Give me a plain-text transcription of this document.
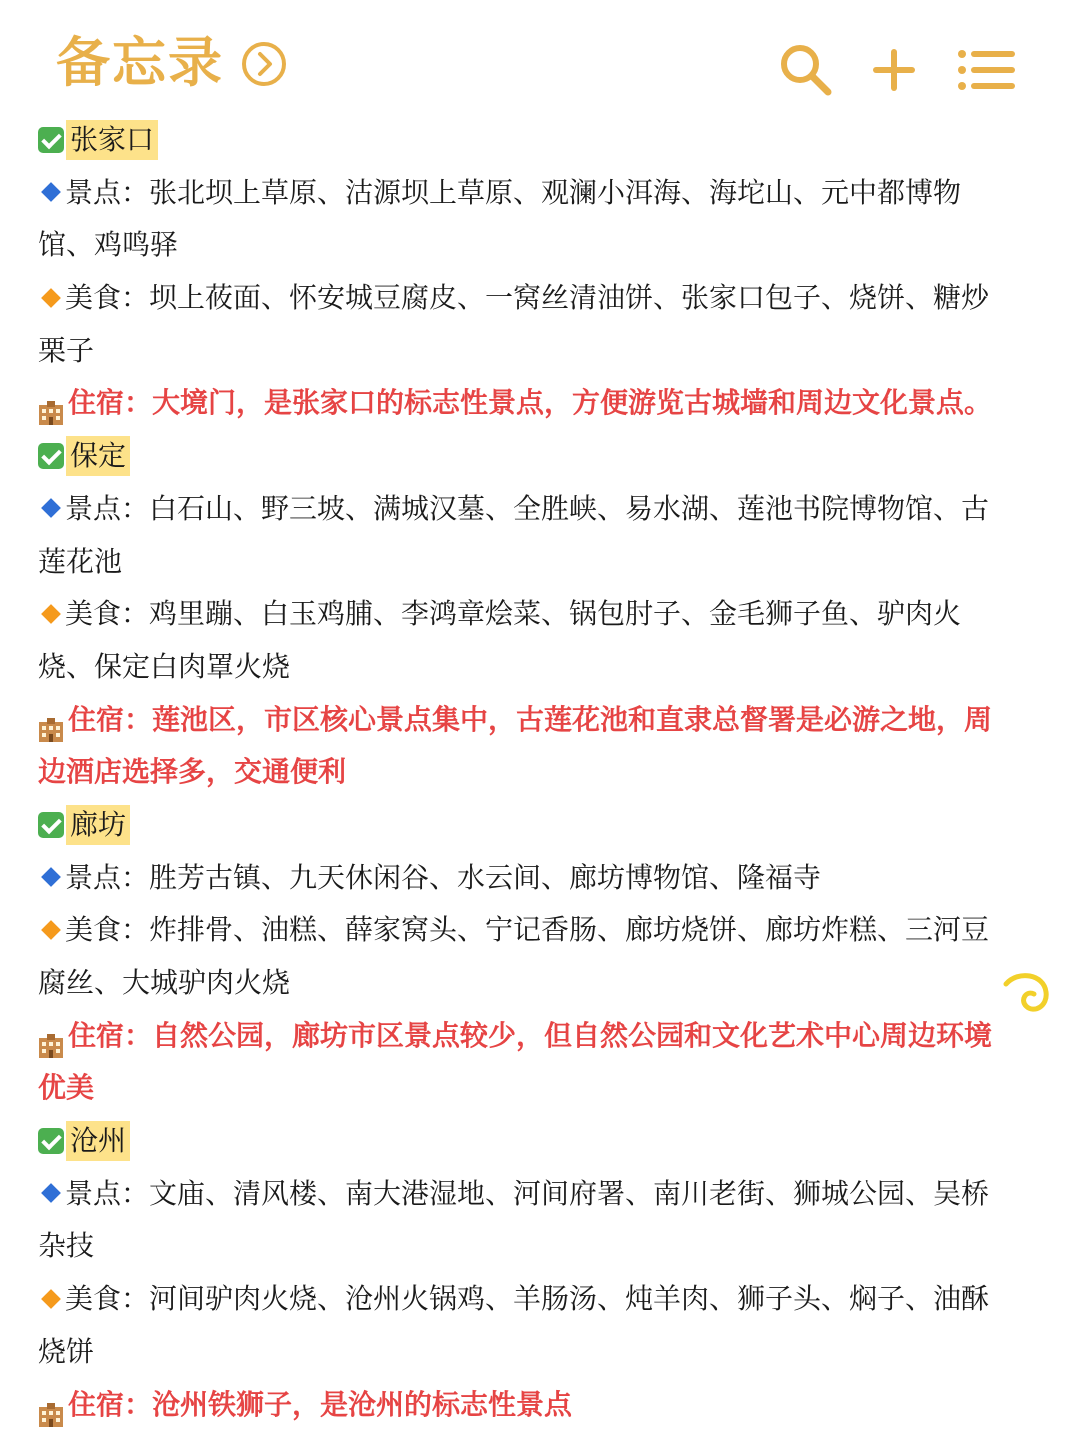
备忘录
张家口
景点：张北坝上草原、沽源坝上草原、观澜小洱海、海坨山、元中都博物
馆、鸡鸣驿
美食：坝上莜面、怀安城豆腐皮、一窝丝清油饼、张家口包子、烧饼、糖炒
栗子
住宿：大境门，是张家口的标志性景点，方便游览古城墙和周边文化景点。
保定
景点：白石山、野三坡、满城汉墓、全胜峡、易水湖、莲池书院博物馆、古
莲花池
美食：鸡里蹦、白玉鸡脯、李鸿章烩菜、锅包肘子、金毛狮子鱼、驴肉火
烧、保定白肉罩火烧
住宿：莲池区，市区核心景点集中，古莲花池和直隶总督署是必游之地，周
边酒店选择多，交通便利
廊坊
景点：胜芳古镇、九天休闲谷、水云间、廊坊博物馆、隆福寺
美食：炸排骨、油糕、薛家窝头、宁记香肠、廊坊烧饼、廊坊炸糕、三河豆
腐丝、大城驴肉火烧
住宿：自然公园，廊坊市区景点较少，但自然公园和文化艺术中心周边环境
优美
沧州
景点：文庙、清风楼、南大港湿地、河间府署、南川老街、狮城公园、吴桥
杂技
美食：河间驴肉火烧、沧州火锅鸡、羊肠汤、炖羊肉、狮子头、焖子、油酥
烧饼
住宿：沧州铁狮子，是沧州的标志性景点
